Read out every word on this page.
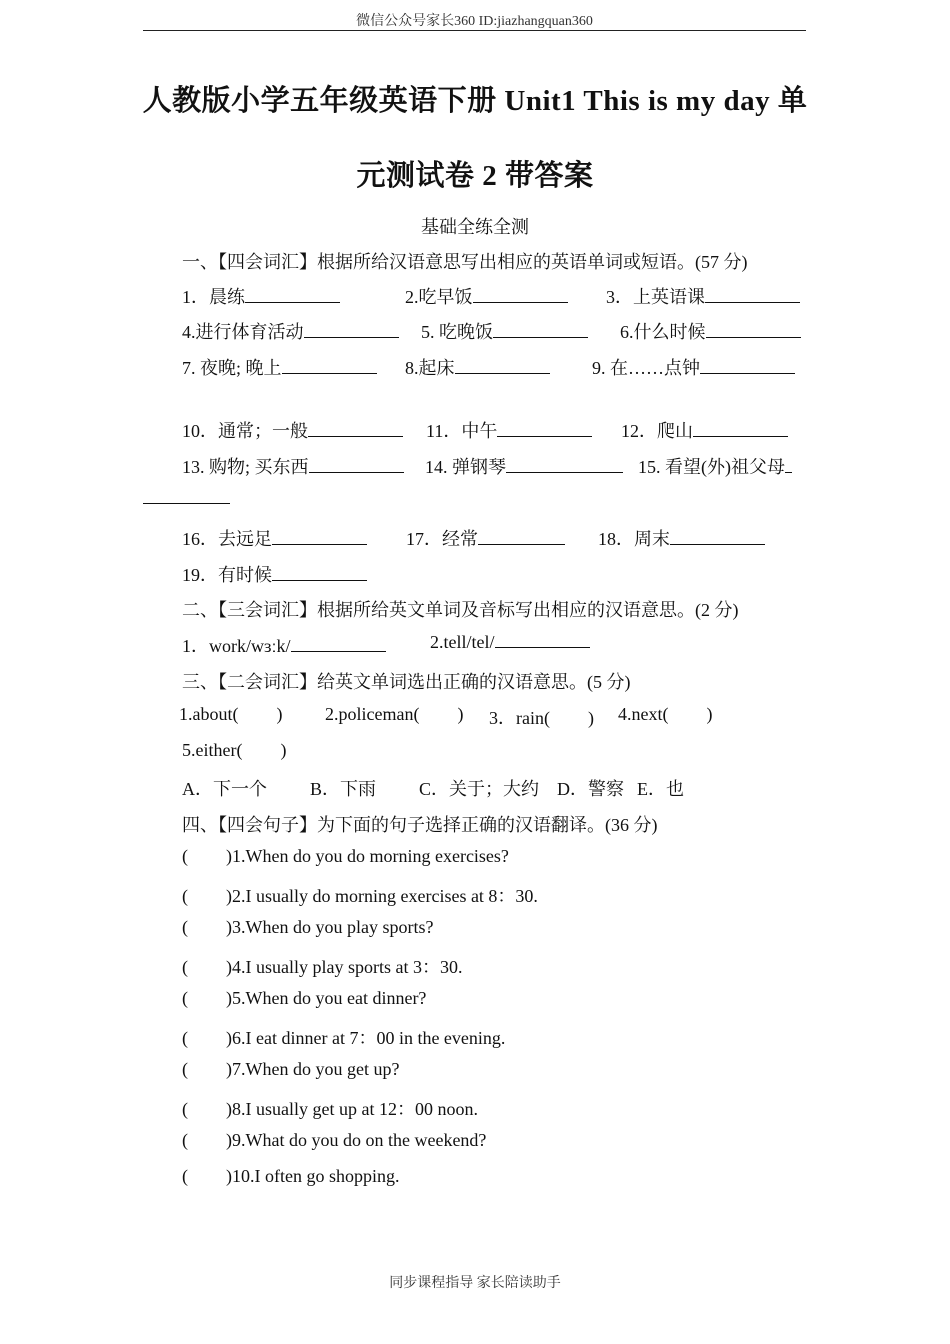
微信公众号家长360 ID:jiazhangquan360
人教版小学五年级英语下册 Unit1 This is my day 单
元测试卷 2 带答案
基础全练全测
一、【四会词汇】根据所给汉语意思写出相应的英语单词或短语。(57 分)
1．晨练	2.吃早饭	3．上英语课
4.进行体育活动	5. 吃晚饭	6.什么时候
7. 夜晚; 晚上	8.起床	9. 在……点钟
10．通常；一般	11．中午	12．爬山
13. 购物; 买东西	14. 弹钢琴	15. 看望(外)祖父母
16．去远足	17．经常	18．周末
19．有时候
二、【三会词汇】根据所给英文单词及音标写出相应的汉语意思。(2 分)
1．work/wɜːk/	2.tell/tel/
三、【二会词汇】给英文单词选出正确的汉语意思。(5 分)
1.about( ) 2.policeman( ) 3．rain( ) 4.next( )
5.either( )
A．下一个 B．下雨 C．关于；大约 D．警察 E．也
四、【四会句子】为下面的句子选择正确的汉语翻译。(36 分)
( )1.When do you do morning exercises?
( )2.I usually do morning exercises at 8：30.
( )3.When do you play sports?
( )4.I usually play sports at 3：30.
( )5.When do you eat dinner?
( )6.I eat dinner at 7：00 in the evening.
( )7.When do you get up?
( )8.I usually get up at 12：00 noon.
( )9.What do you do on the weekend?
( )10.I often go shopping.
同步课程指导 家长陪读助手
